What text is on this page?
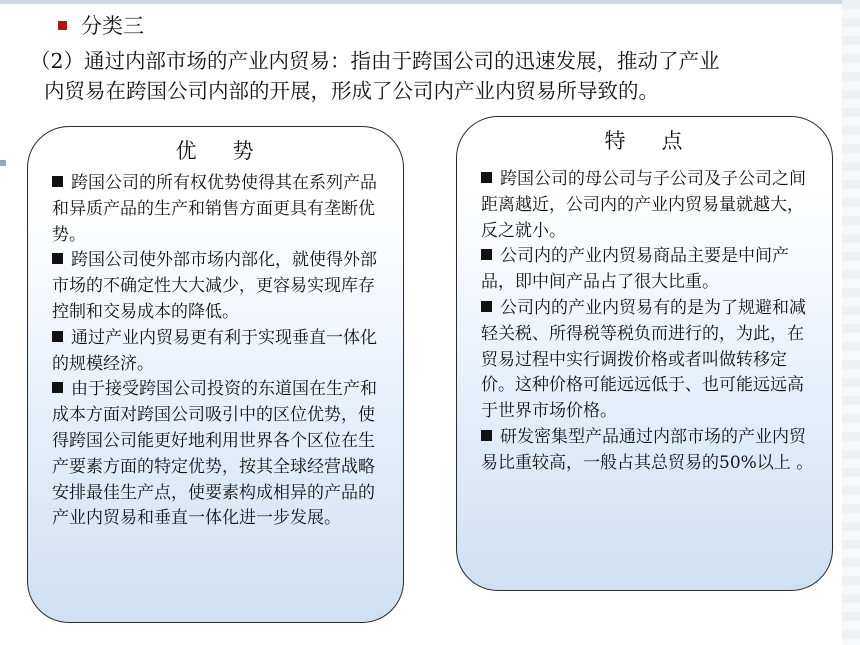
分类三

（2）通过内部市场的产业内贸易：指由于跨国公司的迅速发展，推动了产业

内贸易在跨国公司内部的开展，形成了公司内产业内贸易所导致的。

优 势

跨国公司的所有权优势使得其在系列产品和异质产品的生产和销售方面更具有垄断优势。

跨国公司使外部市场内部化，就使得外部市场的不确定性大大减少，更容易实现库存控制和交易成本的降低。

通过产业内贸易更有利于实现垂直一体化的规模经济。

由于接受跨国公司投资的东道国在生产和成本方面对跨国公司吸引中的区位优势，使得跨国公司能更好地利用世界各个区位在生产要素方面的特定优势，按其全球经营战略安排最佳生产点，使要素构成相异的产品的产业内贸易和垂直一体化进一步发展。

特 点

跨国公司的母公司与子公司及子公司之间距离越近，公司内的产业内贸易量就越大，反之就小。

公司内的产业内贸易商品主要是中间产品，即中间产品占了很大比重。

公司内的产业内贸易有的是为了规避和减轻关税、所得税等税负而进行的，为此，在贸易过程中实行调拨价格或者叫做转移定价。这种价格可能远远低于、也可能远远高于世界市场价格。

研发密集型产品通过内部市场的产业内贸易比重较高，一般占其总贸易的50%以上 。
